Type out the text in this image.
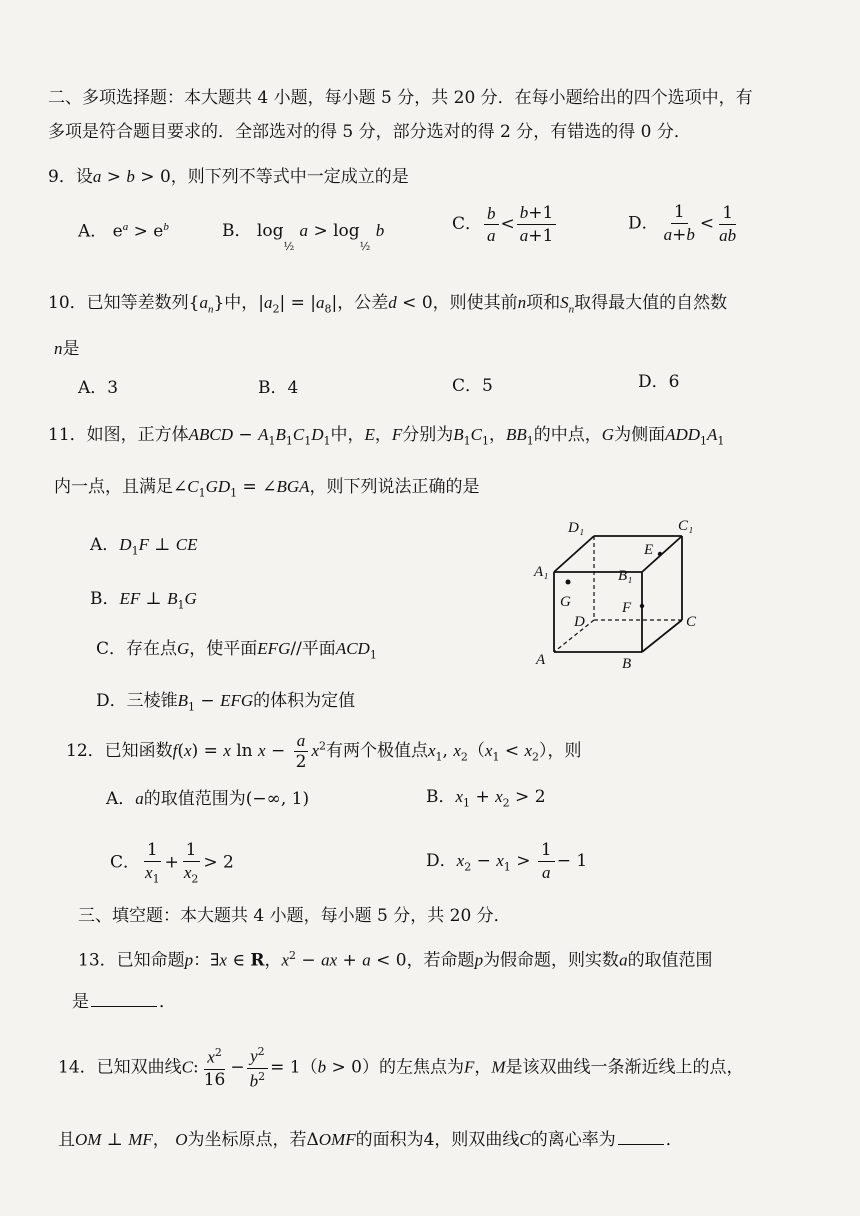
二、多项选择题：本大题共 4 小题，每小题 5 分，共 20 分．在每小题给出的四个选项中，有
多项是符合题目要求的．全部选对的得 5 分，部分选对的得 2 分，有错选的得 0 分．
9．设a > b > 0，则下列不等式中一定成立的是
A． $e^a > e^b$	B． $\log_{\frac{1}{2}} a > \log_{\frac{1}{2}} b$	C． $\frac{b}{a} < \frac{b+1}{a+1}$	D． $\frac{1}{a+b} < \frac{1}{ab}$
10．已知等差数列$\{a_n\}$中，$|a_2| = |a_8|$，公差d < 0，则使其前n项和$S_n$取得最大值的自然数
n是
A．3	B．4	C．5	D．6
11．如图，正方体ABCD − $A_1B_1C_1D_1$中，E，F分别为$B_1C_1$，$BB_1$的中点，G为侧面$ADD_1A_1$
内一点，且满足$\angle C_1GD_1$ = ∠BGA，则下列说法正确的是
A．$D_1F$ ⊥ CE
B．EF ⊥ $B_1G$
C．存在点G，使平面EFG//平面$ACD_1$
D．三棱锥$B_1$ − EFG的体积为定值
D₁	C₁
E
A₁	B₁
G	F
D	C
A	B
12．已知函数f(x) = x $\ln x - \frac{a}{2} x^2$有两个极值点$x_1$, $x_2(x_1 < x_2)$，则
A．a的取值范围为(−∞, 1)	B．$x_1 + x_2 > 2$
C． $\frac{1}{x_1} + \frac{1}{x_2} > 2$	D．$x_2 - x_1 > \frac{1}{a} - 1$
三、填空题：本大题共 4 小题，每小题 5 分，共 20 分．
13．已知命题p：∃x ∈ R，$x^2$ − ax + a < 0，若命题p为假命题，则实数a的取值范围
是	．
14．已知双曲线C: $\frac{x^2}{16} - \frac{y^2}{b^2} = 1(b > 0)$的左焦点为F，M是该双曲线一条渐近线上的点，
且OM ⊥ MF， O为坐标原点，若ΔOMF的面积为4，则双曲线C的离心率为	．
